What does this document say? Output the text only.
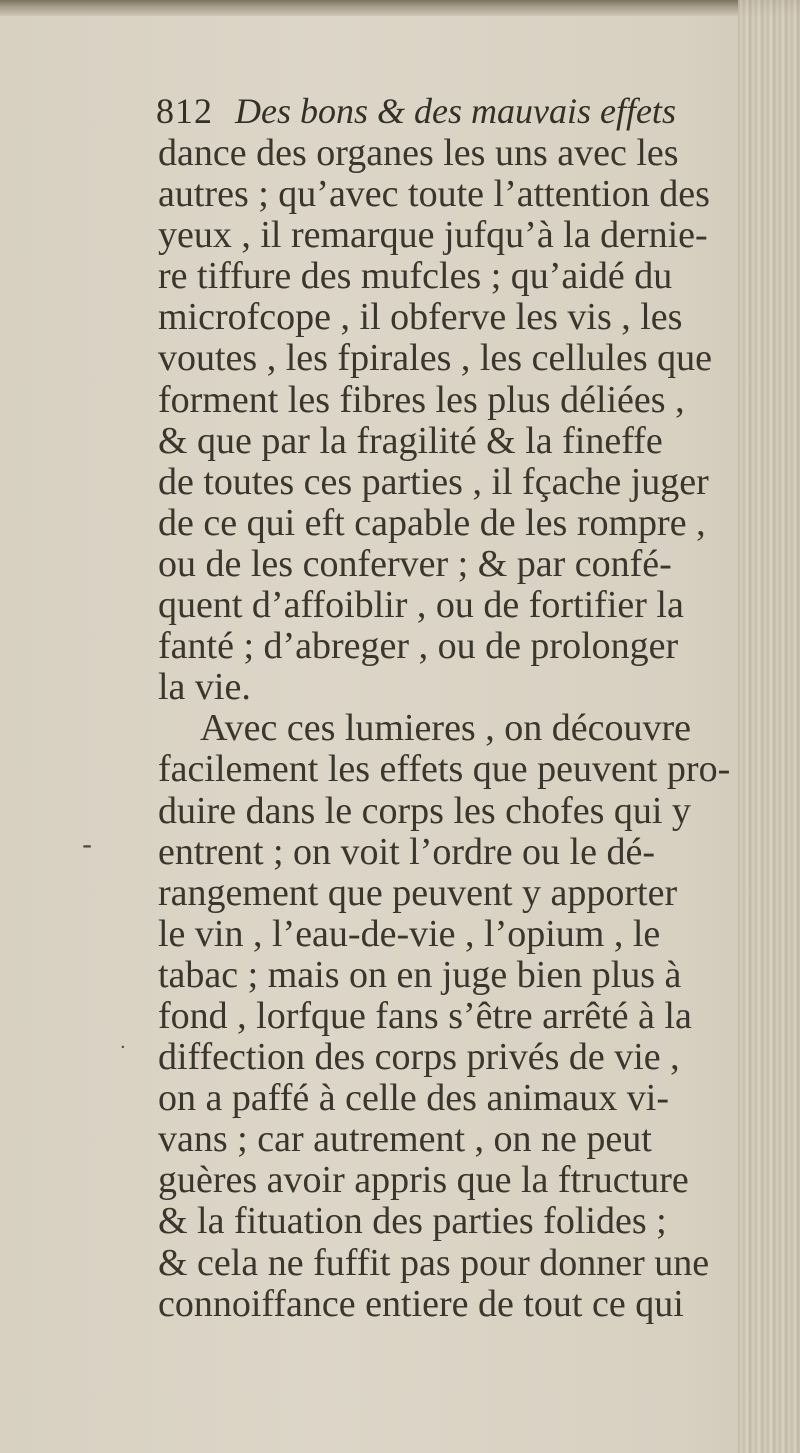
812 Des bons & des mauvais effets
dance des organes les uns avec les
autres ; qu’avec toute l’attention des
yeux , il remarque jufqu’à la dernie-
re tiffure des mufcles ; qu’aidé du
microfcope , il obferve les vis , les
voutes , les fpirales , les cellules que
forment les fibres les plus déliées ,
& que par la fragilité & la fineffe
de toutes ces parties , il fçache juger
de ce qui eft capable de les rompre ,
ou de les conferver ; & par confé-
quent d’affoiblir , ou de fortifier la
fanté ; d’abreger , ou de prolonger
la vie.
Avec ces lumieres , on découvre
facilement les effets que peuvent pro-
duire dans le corps les chofes qui y
entrent ; on voit l’ordre ou le dé-
rangement que peuvent y apporter
le vin , l’eau-de-vie , l’opium , le
tabac ; mais on en juge bien plus à
fond , lorfque fans s’être arrêté à la
diffection des corps privés de vie ,
on a paffé à celle des animaux vi-
vans ; car autrement , on ne peut
guères avoir appris que la ftructure
& la fituation des parties folides ;
& cela ne fuffit pas pour donner une
connoiffance entiere de tout ce qui
-
·
